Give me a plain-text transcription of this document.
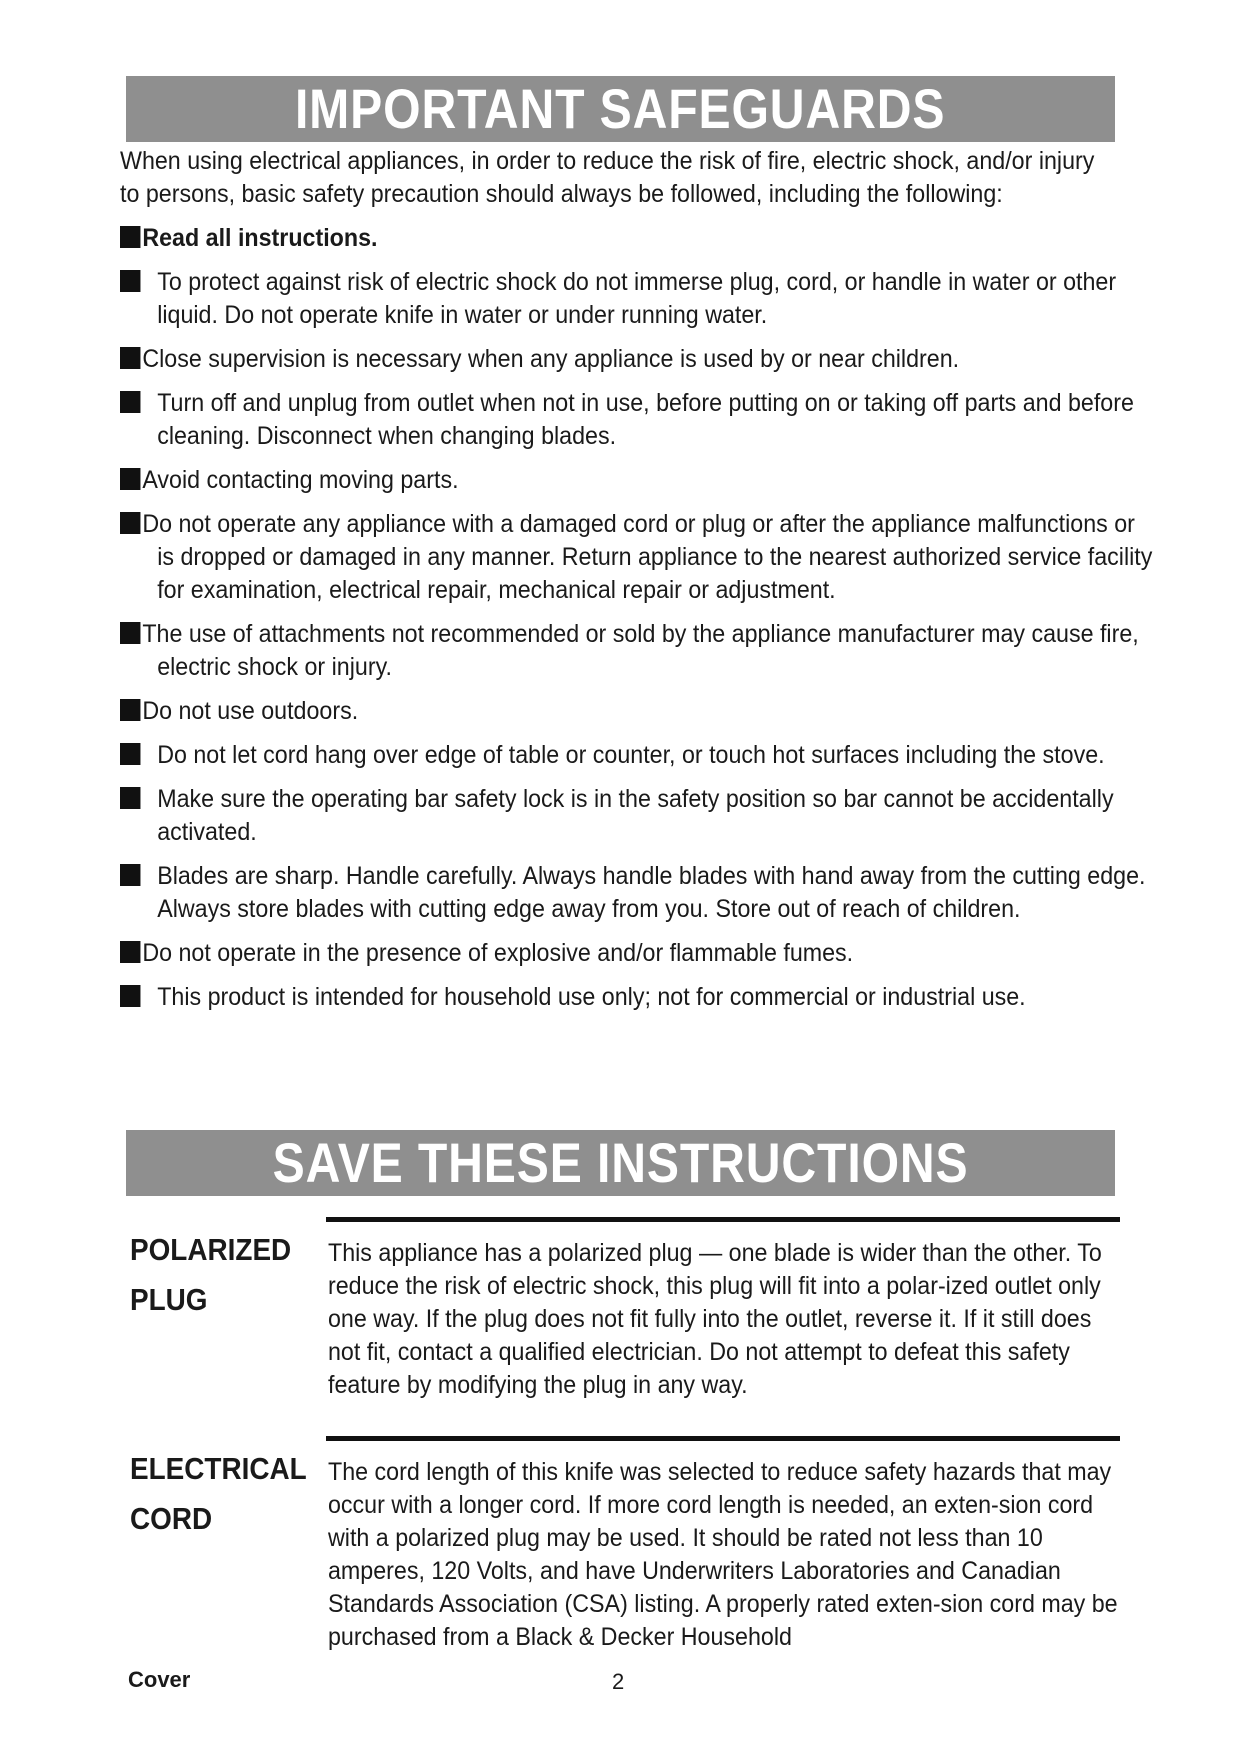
IMPORTANT SAFEGUARDS
When using electrical appliances, in order to reduce the risk of fire, electric shock, and/or injury to persons, basic safety precaution should always be followed, including the following:
Read all instructions.
To protect against risk of electric shock do not immerse plug, cord, or handle in water or other liquid. Do not operate knife in water or under running water.
Close supervision is necessary when any appliance is used by or near children.
Turn off and unplug from outlet when not in use, before putting on or taking off parts and before cleaning. Disconnect when changing blades.
Avoid contacting moving parts.
Do not operate any appliance with a damaged cord or plug or after the appliance malfunctions or is dropped or damaged in any manner. Return appliance to the nearest authorized service facility for examination, electrical repair, mechanical repair or adjustment.
The use of attachments not recommended or sold by the appliance manufacturer may cause fire, electric shock or injury.
Do not use outdoors.
Do not let cord hang over edge of table or counter, or touch hot surfaces including the stove.
Make sure the operating bar safety lock is in the safety position so bar cannot be accidentally activated.
Blades are sharp. Handle carefully. Always handle blades with hand away from the cutting edge. Always store blades with cutting edge away from you. Store out of reach of children.
Do not operate in the presence of explosive and/or flammable fumes.
This product is intended for household use only; not for commercial or industrial use.
SAVE THESE INSTRUCTIONS
POLARIZED PLUG
This appliance has a polarized plug — one blade is wider than the other. To reduce the risk of electric shock, this plug will fit into a polar-ized outlet only one way. If the plug does not fit fully into the outlet, reverse it. If it still does not fit, contact a qualified electrician. Do not attempt to defeat this safety feature by modifying the plug in any way.
ELECTRICAL CORD
The cord length of this knife was selected to reduce safety hazards that may occur with a longer cord. If more cord length is needed, an exten-sion cord with a polarized plug may be used. It should be rated not less than 10 amperes, 120 Volts, and have Underwriters Laboratories and Canadian Standards Association (CSA) listing. A properly rated exten-sion cord may be purchased from a Black & Decker Household
Cover	2
